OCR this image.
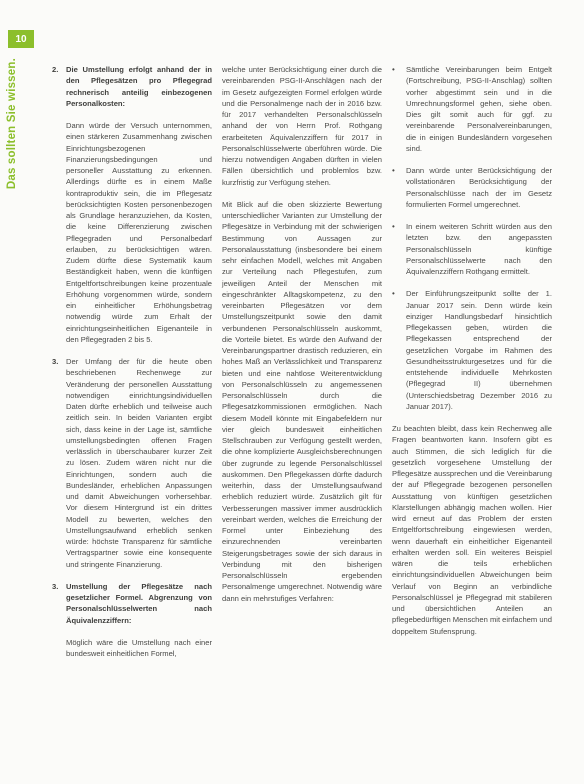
10
Das sollten Sie wissen.	2. Die Umstellung erfolgt anhand der in den Pflegesätzen pro Pflegegrad rechnerisch anteilig einbezogenen Personalkosten:

Dann würde der Versuch unternommen, einen stärkeren Zusammenhang zwischen Einrichtungsbezogenen Finanzierungsbedingungen und personeller Ausstattung zu erkennen. Allerdings dürfte es in einem Maße kontraproduktiv sein, die im Pflegesatz berücksichtigten Kosten personenbezogen als Grundlage heranzuziehen, da Kosten, die keine Differenzierung zwischen Pflegegraden und Personalbedarf erlauben, zu berücksichtigen wären. Zudem dürfte diese Systematik kaum Beständigkeit haben, wenn die künftigen Entgeltfortschreibungen keine prozentuale Erhöhung vorgenommen würde, sondern ein einheitlicher Erhöhungsbetrag notwendig würde zum Erhalt der einrichtungseinheitlichen Eigenanteile in den Pflegegraden 2 bis 5.

3. Der Umfang der für die heute oben beschriebenen Rechenwege zur Veränderung der personellen Ausstattung notwendigen einrichtungsindividuellen Daten dürfte erheblich und teilweise auch zeitlich sein. In beiden Varianten ergibt sich, dass keine in der Lage ist, sämtliche umstellungsbedingten offenen Fragen verlässlich in überschaubarer kurzer Zeit zu lösen. Zudem wären nicht nur die Einrichtungen, sondern auch die Bundesländer, erheblichen Anpassungen und damit Abweichungen vorhersehbar. Vor diesem Hintergrund ist ein drittes Modell zu bewerten, welches den Umstellungsaufwand erheblich senken würde: höchste Transparenz für sämtliche Vertragspartner sowie eine konsequente und stringente Finanzierung.

3. Umstellung der Pflegesätze nach gesetzlicher Formel. Abgrenzung von Personalschlüsselwerten nach Äquivalenzziffern:

Möglich wäre die Umstellung nach einer bundesweit einheitlichen Formel,

welche unter Berücksichtigung einer durch die vereinbarenden PSG-II-Anschlägen nach der im Gesetz aufgezeigten Formel erfolgen würde und die Personalmenge nach der in 2016 bzw. für 2017 verhandelten Personalschlüsseln anhand der von Herrn Prof. Rothgang erarbeiteten Äquivalenzziffern für 2017 in Personalschlüsselwerte überführen würde. Die hierzu notwendigen Angaben dürften in vielen Fällen übersichtlich und problemlos bzw. kurzfristig zur Verfügung stehen.

Mit Blick auf die oben skizzierte Bewertung unterschiedlicher Varianten zur Umstellung der Pflegesätze in Verbindung mit der schwierigen Bestimmung von Aussagen zur Personalausstattung (insbesondere bei einem sehr einfachen Modell, welches mit Angaben zur Verteilung nach Pflegestufen, zum jeweiligen Anteil der Menschen mit eingeschränkter Alltagskompetenz, zu den vereinbarten Pflegesätzen vor dem Umstellungszeitpunkt sowie den damit verbundenen Personalschlüsseln auskommt, die Vorteile bietet. Es würde den Aufwand der Vereinbarungspartner drastisch reduzieren, ein hohes Maß an Verlässlichkeit und Transparenz bieten und eine nahtlose Weiterentwicklung von Personalschlüsseln zu angemessenen Personalschlüsseln durch die Pflegesatzkommissionen ermöglichen. Nach diesem Modell könnte mit Eingabefeldern nur vier gleich bundesweit einheitlichen Stellschrauben zur Verfügung gestellt werden, die ohne komplizierte Ausgleichsberechnungen über zugrunde zu legende Personalschlüssel auskommen. Den Pflegekassen dürfte dadurch weiterhin, dass der Umstellungsaufwand erheblich reduziert würde. Zusätzlich gilt für Verbesserungen massiver immer ausdrücklich vereinbart werden, welches die Erreichung der Formel unter Einbeziehung des einzurechnenden vereinbarten Steigerungsbetrages sowie der sich daraus in Verbindung mit den bisherigen Personalschlüsseln ergebenden Personalmenge umgerechnet. Notwendig wäre dann ein mehrstufiges Verfahren:

• Sämtliche Vereinbarungen beim Entgelt (Fortschreibung, PSG-II-Anschlag) sollten vorher abgestimmt sein und in die Umrechnungsformel gehen, siehe oben. Dies gilt somit auch für ggf. zu vereinbarende Personalvereinbarungen, die in einigen Bundesländern vorgesehen sind.
• Dann würde unter Berücksichtigung der vollstationären Berücksichtigung der Personalschlüsse nach der im Gesetz formulierten Formel umgerechnet.
• In einem weiteren Schritt würden aus den letzten bzw. den angepassten Personalschlüsseln künftige Personalschlüsselwerte nach den Äquivalenzziffern Rothgang ermittelt.
• Der Einführungszeitpunkt sollte der 1. Januar 2017 sein. Denn würde kein einziger Handlungsbedarf hinsichtlich Pflegekassen geben, würden die Pflegekassen entsprechend der gesetzlichen Vorgabe im Rahmen des Gesundheitsstrukturgesetzes und für die entstehende individuelle Mehrkosten (Pflegegrad II) übernehmen (Unterschiedsbetrag Dezember 2016 zu Januar 2017).

Zu beachten bleibt, dass kein Rechenweg alle Fragen beantworten kann. Insofern gibt es auch Stimmen, die sich lediglich für die gesetzlich vorgesehene Umstellung der Pflegesätze aussprechen und die Vereinbarung der auf Pflegegrade bezogenen personellen Ausstattung von künftigen gesetzlichen Klarstellungen abhängig machen wollen. Hier wird erneut auf das Problem der ersten Entgeltfortschreibung eingewiesen werden, wenn dauerhaft ein einheitlicher Eigenanteil erhalten werden soll. Ein weiteres Beispiel wären die teils erheblichen einrichtungsindividuellen Abweichungen beim Verlauf von Beginn an verbindliche Personalschlüssel je Pflegegrad mit stabileren und übersichtlichen Anteilen an pflegebedürftigen Menschen mit einfachem und doppeltem Stufensprung.
